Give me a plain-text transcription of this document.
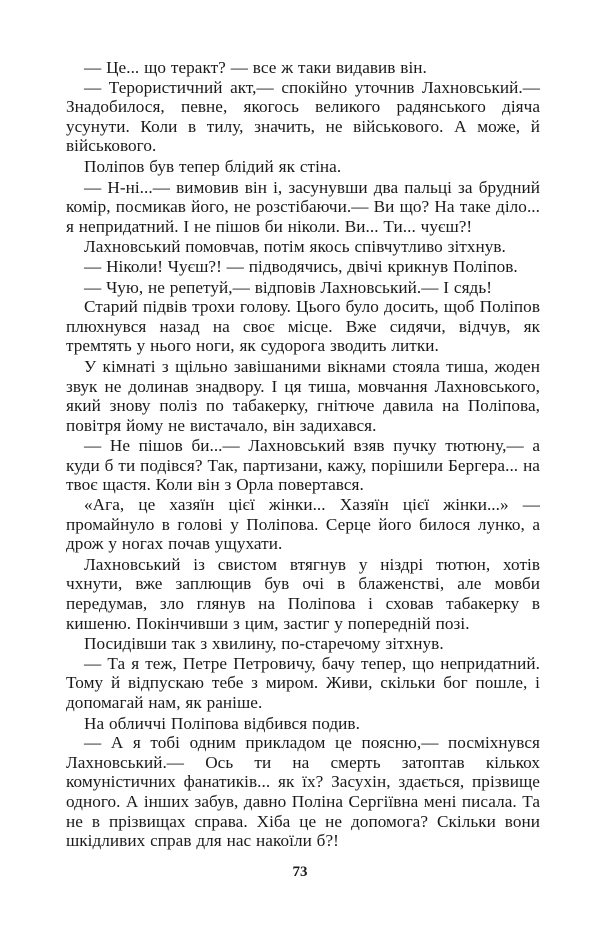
— Це... що теракт? — все ж таки видавив він.

— Терористичний акт,— спокійно уточнив Лахновський.— Знадобилося, певне, якогось великого радянського діяча усунути. Коли в тилу, значить, не військового. А може, й військового.

Поліпов був тепер блідий як стіна.

— Н-ні...— вимовив він і, засунувши два пальці за брудний комір, посмикав його, не розстібаючи.— Ви що? На таке діло... я непридатний. І не пішов би ніколи. Ви... Ти... чуєш?!

Лахновський помовчав, потім якось співчутливо зітхнув.

— Ніколи! Чуєш?! — підводячись, двічі крикнув Поліпов.

— Чую, не репетуй,— відповів Лахновський.— І сядь!

Старий підвів трохи голову. Цього було досить, щоб Поліпов плюхнувся назад на своє місце. Вже сидячи, відчув, як тремтять у нього ноги, як судорога зводить литки.

У кімнаті з щільно завішаними вікнами стояла тиша, жоден звук не долинав знадвору. І ця тиша, мовчання Лахновського, який знову поліз по табакерку, гнітюче давила на Поліпова, повітря йому не вистачало, він задихався.

— Не пішов би...— Лахновський взяв пучку тютюну,— а куди б ти подівся? Так, партизани, кажу, порішили Бергера... на твоє щастя. Коли він з Орла повертався.

«Ага, це хазяїн цієї жінки... Хазяїн цієї жінки...» — промайнуло в голові у Поліпова. Серце його билося лунко, а дрож у ногах почав ущухати.

Лахновський із свистом втягнув у ніздрі тютюн, хотів чхнути, вже заплющив був очі в блаженстві, але мовби передумав, зло глянув на Поліпова і сховав табакерку в кишеню. Покінчивши з цим, застиг у попередній позі.

Посидівши так з хвилину, по-старечому зітхнув.

— Та я теж, Петре Петровичу, бачу тепер, що непридатний. Тому й відпускаю тебе з миром. Живи, скільки бог пошле, і допомагай нам, як раніше.

На обличчі Поліпова відбився подив.

— А я тобі одним прикладом це поясню,— посміхнувся Лахновський.— Ось ти на смерть затоптав кількох комуністичних фанатиків... як їх? Засухін, здається, прізвище одного. А інших забув, давно Поліна Сергіївна мені писала. Та не в прізвищах справа. Хіба це не допомога? Скільки вони шкідливих справ для нас накоїли б?!

73
